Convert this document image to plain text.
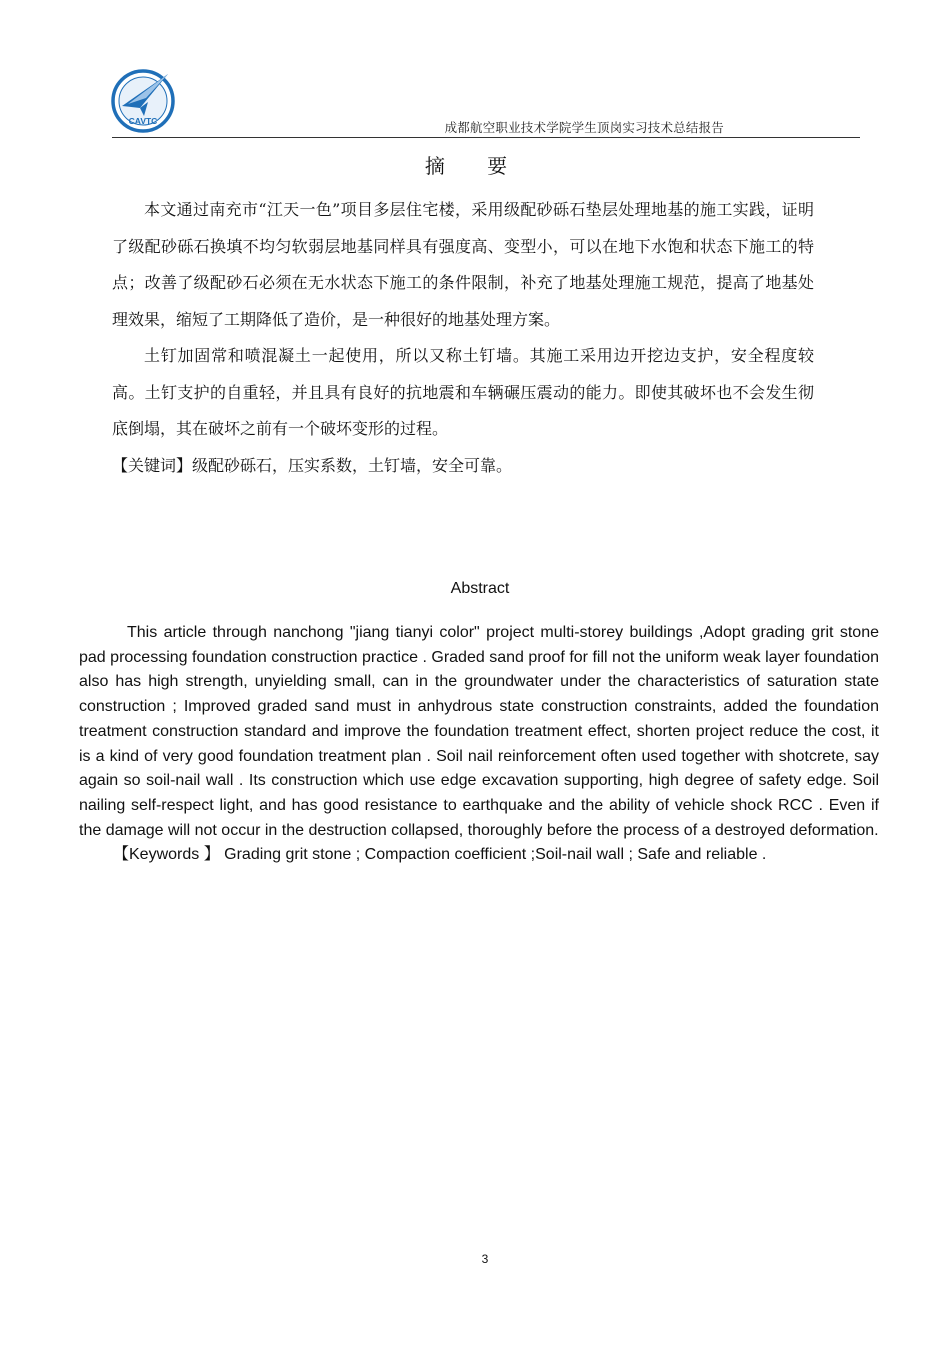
CAVTC	成都航空职业技术学院学生顶岗实习技术总结报告
摘 要

本文通过南充市“江天一色”项目多层住宅楼，采用级配砂砾石垫层处理地基的施工实践，证明了级配砂砾石换填不均匀软弱层地基同样具有强度高、变型小，可以在地下水饱和状态下施工的特点；改善了级配砂石必须在无水状态下施工的条件限制，补充了地基处理施工规范，提高了地基处理效果，缩短了工期降低了造价，是一种很好的地基处理方案。

土钉加固常和喷混凝土一起使用，所以又称土钉墙。其施工采用边开挖边支护，安全程度较高。土钉支护的自重轻，并且具有良好的抗地震和车辆碾压震动的能力。即使其破坏也不会发生彻底倒塌，其在破坏之前有一个破坏变形的过程。

【关键词】级配砂砾石，压实系数，土钉墙，安全可靠。

Abstract

This article through nanchong "jiang tianyi color" project multi-storey buildings ,Adopt grading grit stone pad processing foundation construction practice . Graded sand proof for fill not the uniform weak layer foundation also has high strength, unyielding small, can in the groundwater under the characteristics of saturation state construction ; Improved graded sand must in anhydrous state construction constraints, added the foundation treatment construction standard and improve the foundation treatment effect, shorten project reduce the cost, it is a kind of very good foundation treatment plan . Soil nail reinforcement often used together with shotcrete, say again so soil-nail wall . Its construction which use edge excavation supporting, high degree of safety edge. Soil nailing self-respect light, and has good resistance to earthquake and the ability of vehicle shock RCC . Even if the damage will not occur in the destruction collapsed, thoroughly before the process of a destroyed deformation.

【Keywords 】 Grading grit stone ; Compaction coefficient ;Soil-nail wall ; Safe and reliable .

3
